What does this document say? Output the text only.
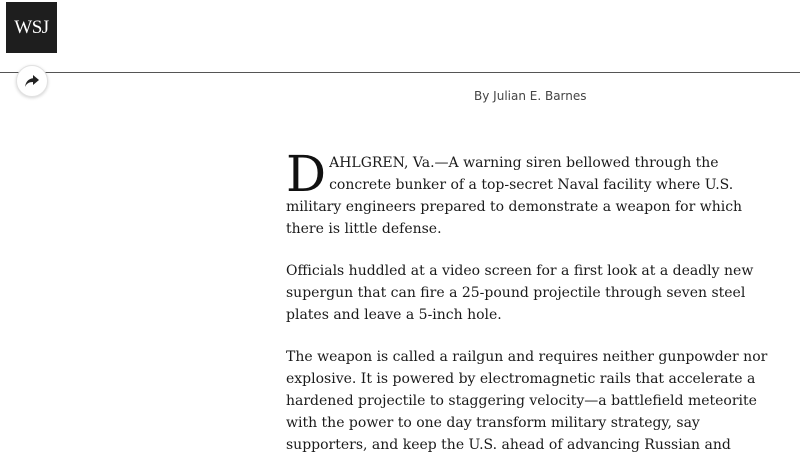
WSJ
By Julian E. Barnes

DAHLGREN, Va.—A warning siren bellowed through the concrete bunker of a top-secret Naval facility where U.S. military engineers prepared to demonstrate a weapon for which there is little defense.

Officials huddled at a video screen for a first look at a deadly new supergun that can fire a 25-pound projectile through seven steel plates and leave a 5-inch hole.

The weapon is called a railgun and requires neither gunpowder nor explosive. It is powered by electromagnetic rails that accelerate a hardened projectile to staggering velocity—a battlefield meteorite with the power to one day transform military strategy, say supporters, and keep the U.S. ahead of advancing Russian and
